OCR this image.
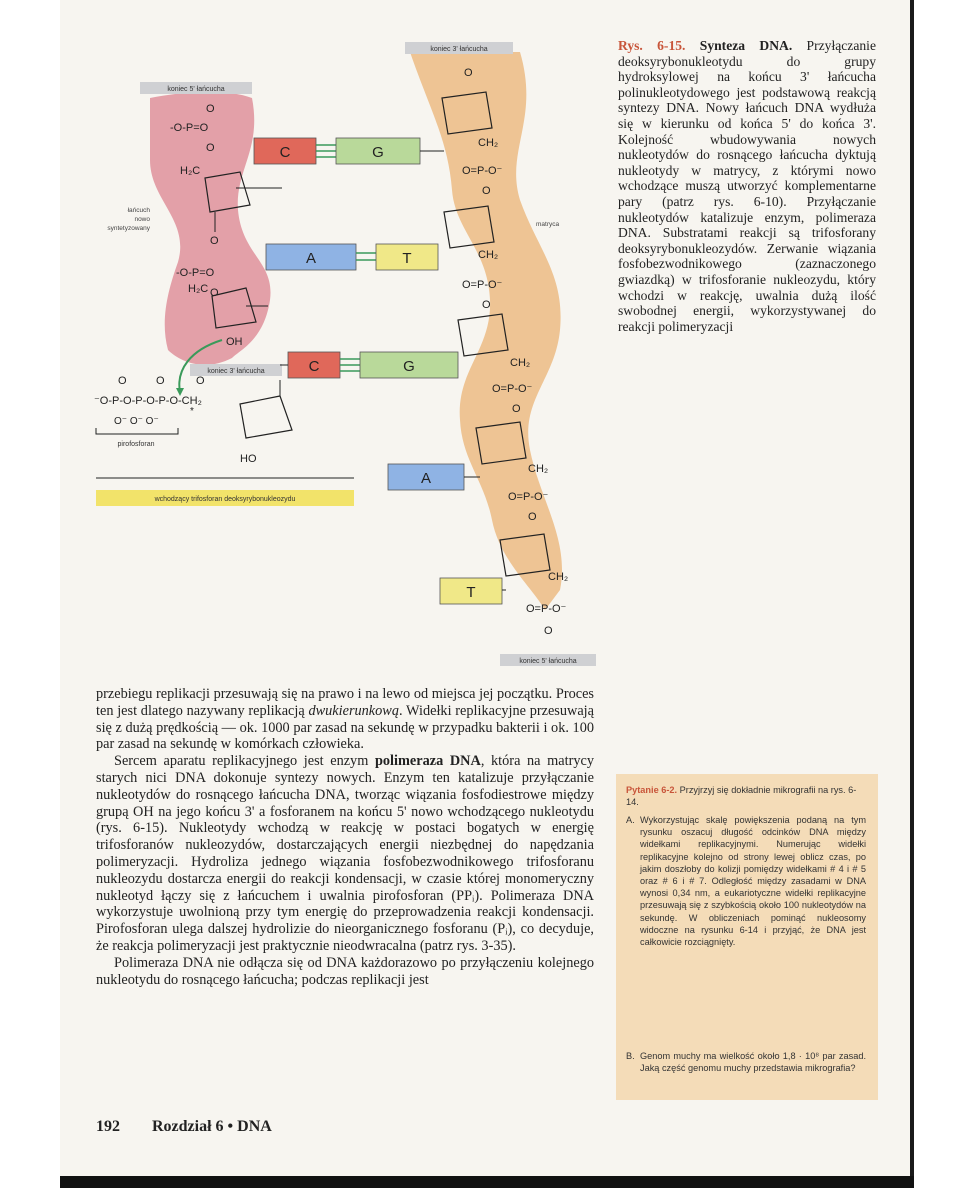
koniec 3' łańcucha
koniec 5' łańcucha
łańcuch
nowo
syntetyzowany
matryca
koniec 3' łańcucha
koniec 5' łańcucha
wchodzący trifosforan deoksyrybonukleozydu
O
-O-P=O
O
H₂C
O
-O-P=O
O
H₂C
OH
O	O	O
⁻O-P-O-P-O-P-O-CH₂
*
O⁻ O⁻ O⁻
pirofosforan
HO
O
CH₂
O=P-O⁻
O
CH₂
O=P-O⁻
O
CH₂
O=P-O⁻
O
CH₂
O=P-O⁻
O
CH₂
O=P-O⁻
O
C	G
A	T
C	G
A
T
Rys. 6-15. Synteza DNA. Przyłączanie deoksyrybonukleotydu do grupy hydroksylowej na końcu 3' łańcucha polinukleotydowego jest podstawową reakcją syntezy DNA. Nowy łańcuch DNA wydłuża się w kierunku od końca 5' do końca 3'. Kolejność wbudowywania nowych nukleotydów do rosnącego łańcucha dyktują nukleotydy w matrycy, z którymi nowo wchodzące muszą utworzyć komplementarne pary (patrz rys. 6-10). Przyłączanie nukleotydów katalizuje enzym, polimeraza DNA. Substratami reakcji są trifosforany deoksyrybonukleozydów. Zerwanie wiązania fosfobezwodnikowego (zaznaczonego gwiazdką) w trifosforanie nukleozydu, który wchodzi w reakcję, uwalnia dużą ilość swobodnej energii, wykorzystywanej do reakcji polimeryzacji

przebiegu replikacji przesuwają się na prawo i na lewo od miejsca jej początku. Proces ten jest dlatego nazywany replikacją dwukierunkową. Widełki replikacyjne przesuwają się z dużą prędkością — ok. 1000 par zasad na sekundę w przypadku bakterii i ok. 100 par zasad na sekundę w komórkach człowieka.

Sercem aparatu replikacyjnego jest enzym polimeraza DNA, która na matrycy starych nici DNA dokonuje syntezy nowych. Enzym ten katalizuje przyłączanie nukleotydów do rosnącego łańcucha DNA, tworząc wiązania fosfodiestrowe między grupą OH na jego końcu 3' a fosforanem na końcu 5' nowo wchodzącego nukleotydu (rys. 6-15). Nukleotydy wchodzą w reakcję w postaci bogatych w energię trifosforanów nukleozydów, dostarczających energii niezbędnej do napędzania polimeryzacji. Hydroliza jednego wiązania fosfobezwodnikowego trifosforanu nukleozydu dostarcza energii do reakcji kondensacji, w czasie której monomeryczny nukleotyd łączy się z łańcuchem i uwalnia pirofosforan (PPᵢ). Polimeraza DNA wykorzystuje uwolnioną przy tym energię do przeprowadzenia reakcji kondensacji. Pirofosforan ulega dalszej hydrolizie do nieorganicznego fosforanu (Pᵢ), co decyduje, że reakcja polimeryzacji jest praktycznie nieodwracalna (patrz rys. 3-35).

Polimeraza DNA nie odłącza się od DNA każdorazowo po przyłączeniu kolejnego nukleotydu do rosnącego łańcucha; podczas replikacji jest

Pytanie 6-2. Przyjrzyj się dokładnie mikrografii na rys. 6-14.
A. Wykorzystując skalę powiększenia podaną na tym rysunku oszacuj długość odcinków DNA między widełkami replikacyjnymi. Numerując widełki replikacyjne kolejno od strony lewej oblicz czas, po jakim doszłoby do kolizji pomiędzy widełkami # 4 i # 5 oraz # 6 i # 7. Odległość między zasadami w DNA wynosi 0,34 nm, a eukariotyczne widełki replikacyjne przesuwają się z szybkością około 100 nukleotydów na sekundę. W obliczeniach pominąć nukleosomy widoczne na rysunku 6-14 i przyjąć, że DNA jest całkowicie rozciągnięty.
B. Genom muchy ma wielkość około 1,8 · 10⁸ par zasad. Jaką część genomu muchy przedstawia mikrografia?
192 Rozdział 6 • DNA
